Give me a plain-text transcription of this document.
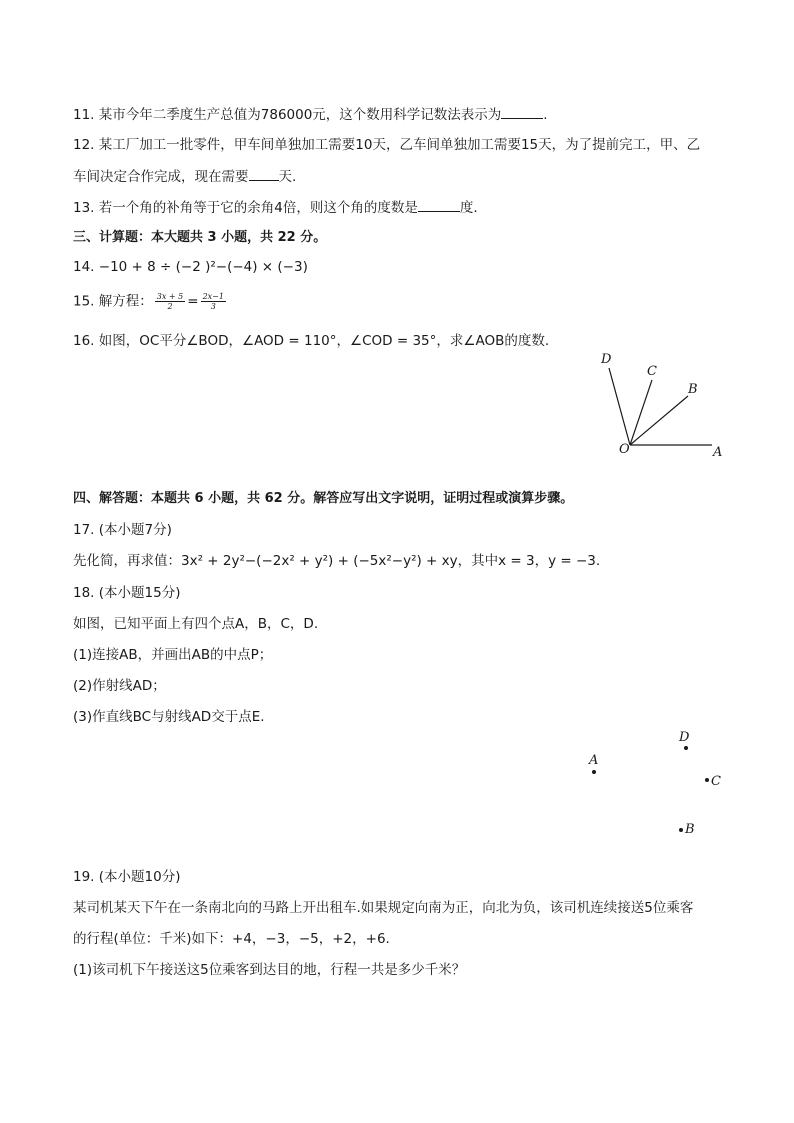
11. 某市今年二季度生产总值为786000元，这个数用科学记数法表示为	.
12. 某工厂加工一批零件，甲车间单独加工需要10天，乙车间单独加工需要15天，为了提前完工，甲、乙
车间决定合作完成，现在需要 天.
13. 若一个角的补角等于它的余角4倍，则这个角的度数是	度.
三、计算题：本大题共 3 小题，共 22 分。
14. −10 + 8 ÷ (−2 )²−(−4) × (−3)
15. 解方程： $\frac{3x + 5}{2} = \frac{2x-1}{3}$
16. 如图，OC平分∠BOD，∠AOD = 110°，∠COD = 35°，求∠AOB的度数.
D
C
B
O	A
四、解答题：本题共 6 小题，共 62 分。解答应写出文字说明，证明过程或演算步骤。
17. (本小题7分)
先化简，再求值：3x² + 2y²−(−2x² + y²) + (−5x²−y²) + xy，其中x = 3，y = −3.
18. (本小题15分)
如图，已知平面上有四个点A，B，C，D.
(1)连接AB，并画出AB的中点P；
(2)作射线AD；
(3)作直线BC与射线AD交于点E.
D
A
C
B
19. (本小题10分)
某司机某天下午在一条南北向的马路上开出租车.如果规定向南为正，向北为负，该司机连续接送5位乘客
的行程(单位：千米)如下：+4，−3，−5，+2，+6.
(1)该司机下午接送这5位乘客到达目的地，行程一共是多少千米？
